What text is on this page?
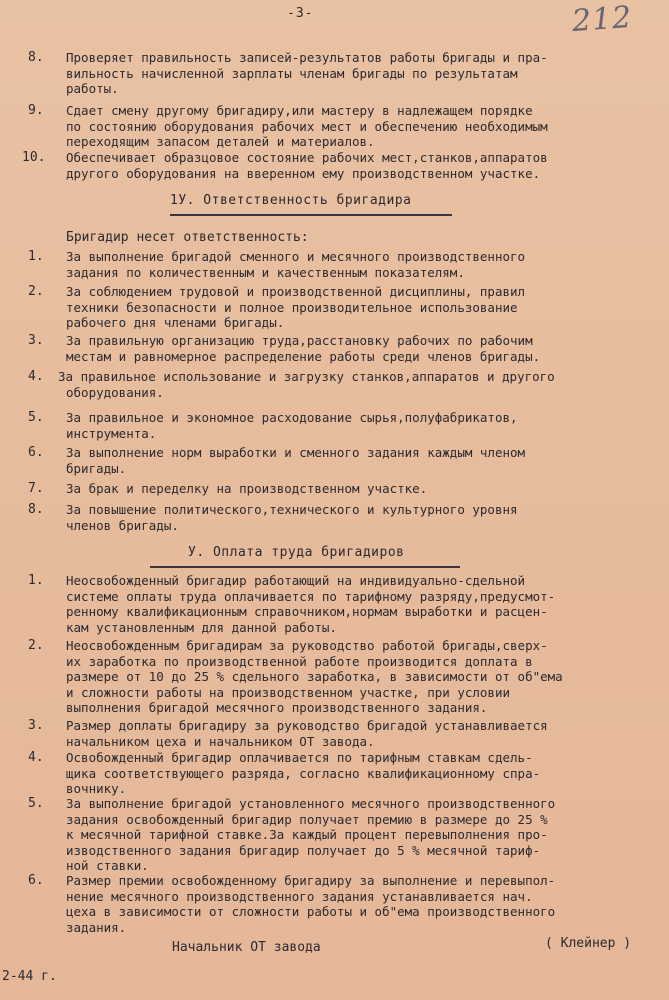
-3-	212
8. Проверяет правильность записей-результатов работы бригады и пра-
вильность начисленной зарплаты членам бригады по результатам
работы.

9. Сдает смену другому бригадиру,или мастеру в надлежащем порядке
по состоянию оборудования рабочих мест и обеспечению необходимым
переходящим запасом деталей и материалов.

10. Обеспечивает образцовое состояние рабочих мест,станков,аппаратов
другого оборудования на вверенном ему производственном участке.

1У. Ответственность бригадира
Бригадир несет ответственность:
1. За выполнение бригадой сменного и месячного производственного
задания по количественным и качественным показателям.

2. За соблюдением трудовой и производственной дисциплины, правил
техники безопасности и полное производительное использование
рабочего дня членами бригады.

3. За правильную организацию труда,расстановку рабочих по рабочим
местам и равномерное распределение работы среди членов бригады.

4. За правильное использование и загрузку станков,аппаратов и другого
оборудования.

5. За правильное и экономное расходование сырья,полуфабрикатов,
инструмента.

6. За выполнение норм выработки и сменного задания каждым членом
бригады.

7. За брак и переделку на производственном участке.

8. За повышение политического,технического и культурного уровня
членов бригады.

У. Оплата труда бригадиров
1. Неосвобожденный бригадир работающий на индивидуально-сдельной
системе оплаты труда оплачивается по тарифному разряду,предусмот-
ренному квалификационным справочником,нормам выработки и расцен-
кам установленным для данной работы.

2. Неосвобожденным бригадирам за руководство работой бригады,сверх-
их заработка по производственной работе производится доплата в
размере от 10 до 25 % сдельного заработка, в зависимости от об"ема
и сложности работы на производственном участке, при условии
выполнения бригадой месячного производственного задания.

3. Размер доплаты бригадиру за руководство бригадой устанавливается
начальником цеха и начальником ОТ завода.

4. Освобожденный бригадир оплачивается по тарифным ставкам сдель-
щика соответствующего разряда, согласно квалификационному спра-
вочнику.

5. За выполнение бригадой установленного месячного производственного
задания освобожденный бригадир получает премию в размере до 25 %
к месячной тарифной ставке.За каждый процент перевыполнения про-
изводственного задания бригадир получает до 5 % месячной тариф-
ной ставки.

6. Размер премии освобожденному бригадиру за выполнение и перевыпол-
нение месячного производственного задания устанавливается нач.
цеха в зависимости от сложности работы и об"ема производственного
задания.

Начальник ОТ завода	( Клейнер )
2-44 г.
